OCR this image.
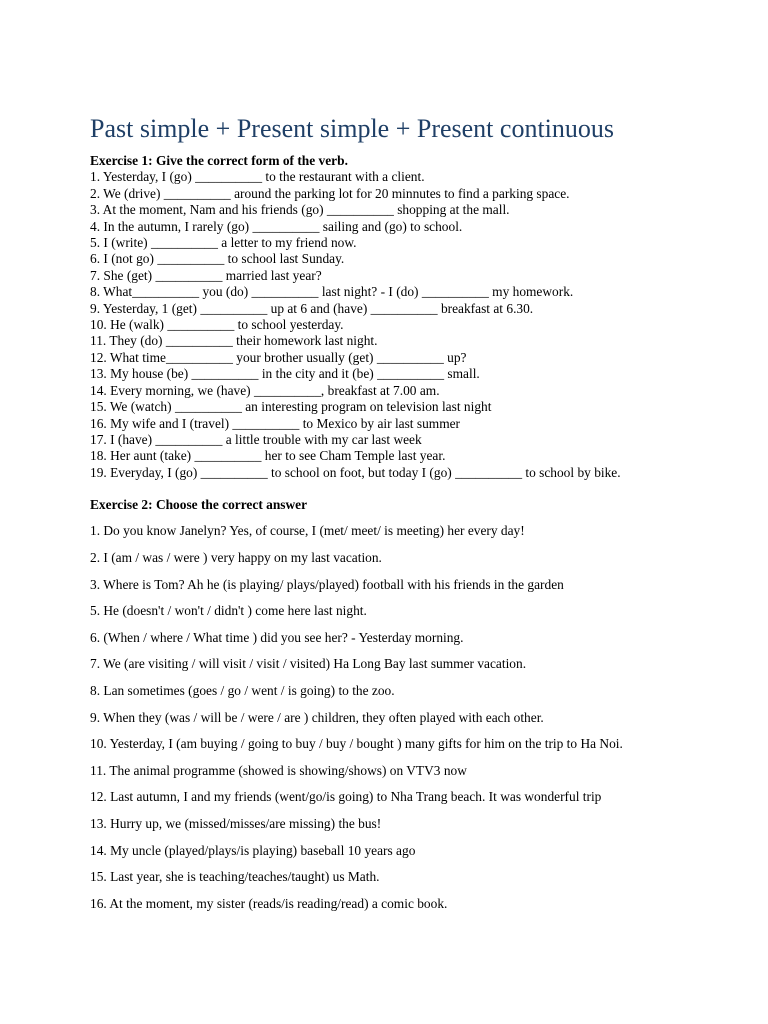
Past simple + Present simple + Present continuous
Exercise 1: Give the correct form of the verb.
1. Yesterday, I (go) __________ to the restaurant with a client.
2. We (drive) __________ around the parking lot for 20 minnutes to find a parking space.
3. At the moment, Nam and his friends (go) __________ shopping at the mall.
4. In the autumn, I rarely (go) __________ sailing and (go) to school.
5. I (write) __________ a letter to my friend now.
6. I (not go) __________ to school last Sunday.
7. She (get) __________ married last year?
8. What__________ you (do) __________ last night? - I (do) __________ my homework.
9. Yesterday, 1 (get) __________ up at 6 and (have) __________ breakfast at 6.30.
10. He (walk) __________ to school yesterday.
11. They (do) __________ their homework last night.
12. What time__________ your brother usually (get) __________ up?
13. My house (be) __________ in the city and it (be) __________ small.
14. Every morning, we (have) __________, breakfast at 7.00 am.
15. We (watch) __________ an interesting program on television last night
16. My wife and I (travel) __________ to Mexico by air last summer
17. I (have) __________ a little trouble with my car last week
18. Her aunt (take) __________ her to see Cham Temple last year.
19. Everyday, I (go) __________ to school on foot, but today I (go) __________ to school by bike.
Exercise 2: Choose the correct answer
1. Do you know Janelyn? Yes, of course, I (met/ meet/ is meeting) her every day!
2. I (am / was / were ) very happy on my last vacation.
3. Where is Tom? Ah he (is playing/ plays/played) football with his friends in the garden
5. He (doesn't / won't / didn't ) come here last night.
6. (When / where / What time ) did you see her? - Yesterday morning.
7. We (are visiting / will visit / visit / visited) Ha Long Bay last summer vacation.
8. Lan sometimes (goes / go / went / is going) to the zoo.
9. When they (was / will be / were / are ) children, they often played with each other.
10. Yesterday, I (am buying / going to buy / buy / bought ) many gifts for him on the trip to Ha Noi.
11. The animal programme (showed is showing/shows) on VTV3 now
12. Last autumn, I and my friends (went/go/is going) to Nha Trang beach. It was wonderful trip
13. Hurry up, we (missed/misses/are missing) the bus!
14. My uncle (played/plays/is playing) baseball 10 years ago
15. Last year, she is teaching/teaches/taught) us Math.
16. At the moment, my sister (reads/is reading/read) a comic book.
